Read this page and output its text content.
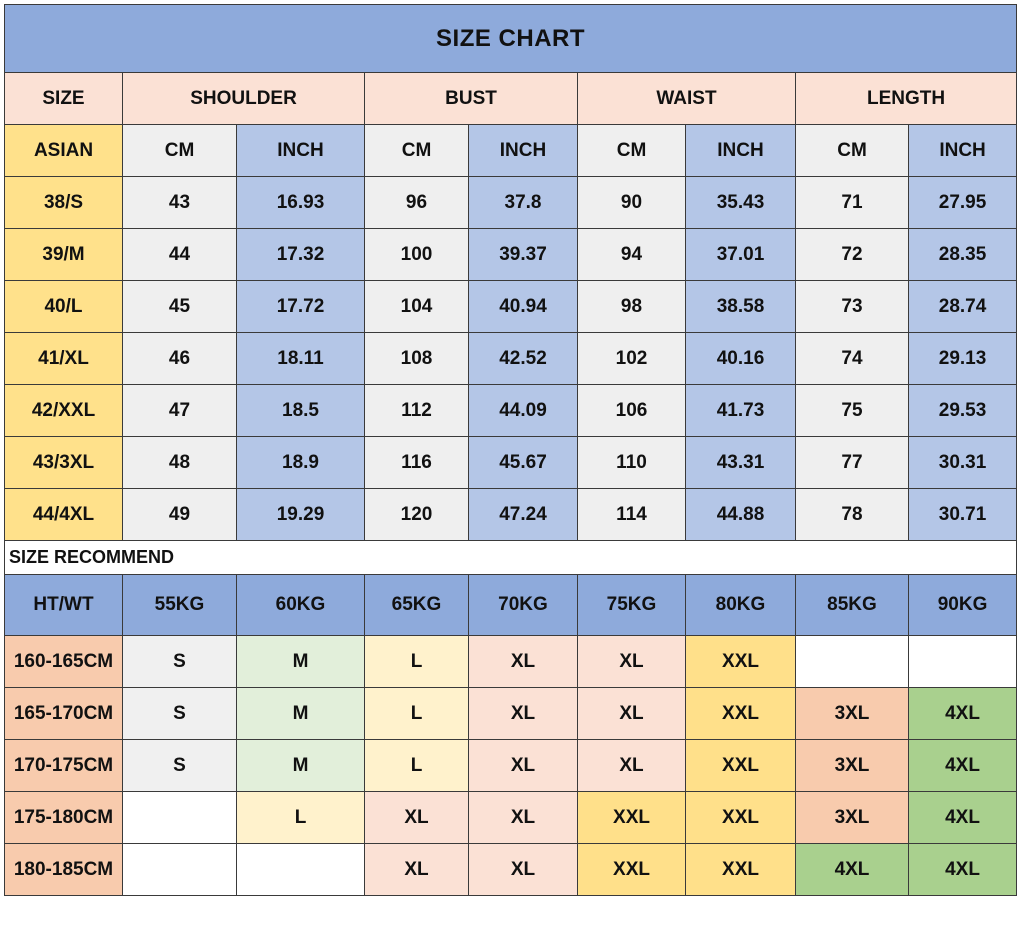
SIZE CHART								
SIZE	SHOULDER		BUST		WAIST		LENGTH	
ASIAN	CM	INCH	CM	INCH	CM	INCH	CM	INCH
38/S	43	16.93	96	37.8	90	35.43	71	27.95
39/M	44	17.32	100	39.37	94	37.01	72	28.35
40/L	45	17.72	104	40.94	98	38.58	73	28.74
41/XL	46	18.11	108	42.52	102	40.16	74	29.13
42/XXL	47	18.5	112	44.09	106	41.73	75	29.53
43/3XL	48	18.9	116	45.67	110	43.31	77	30.31
44/4XL	49	19.29	120	47.24	114	44.88	78	30.71
SIZE RECOMMEND								
HT/WT	55KG	60KG	65KG	70KG	75KG	80KG	85KG	90KG
160-165CM	S	M	L	XL	XL	XXL		
165-170CM	S	M	L	XL	XL	XXL	3XL	4XL
170-175CM	S	M	L	XL	XL	XXL	3XL	4XL
175-180CM		L	XL	XL	XXL	XXL	3XL	4XL
180-185CM			XL	XL	XXL	XXL	4XL	4XL
